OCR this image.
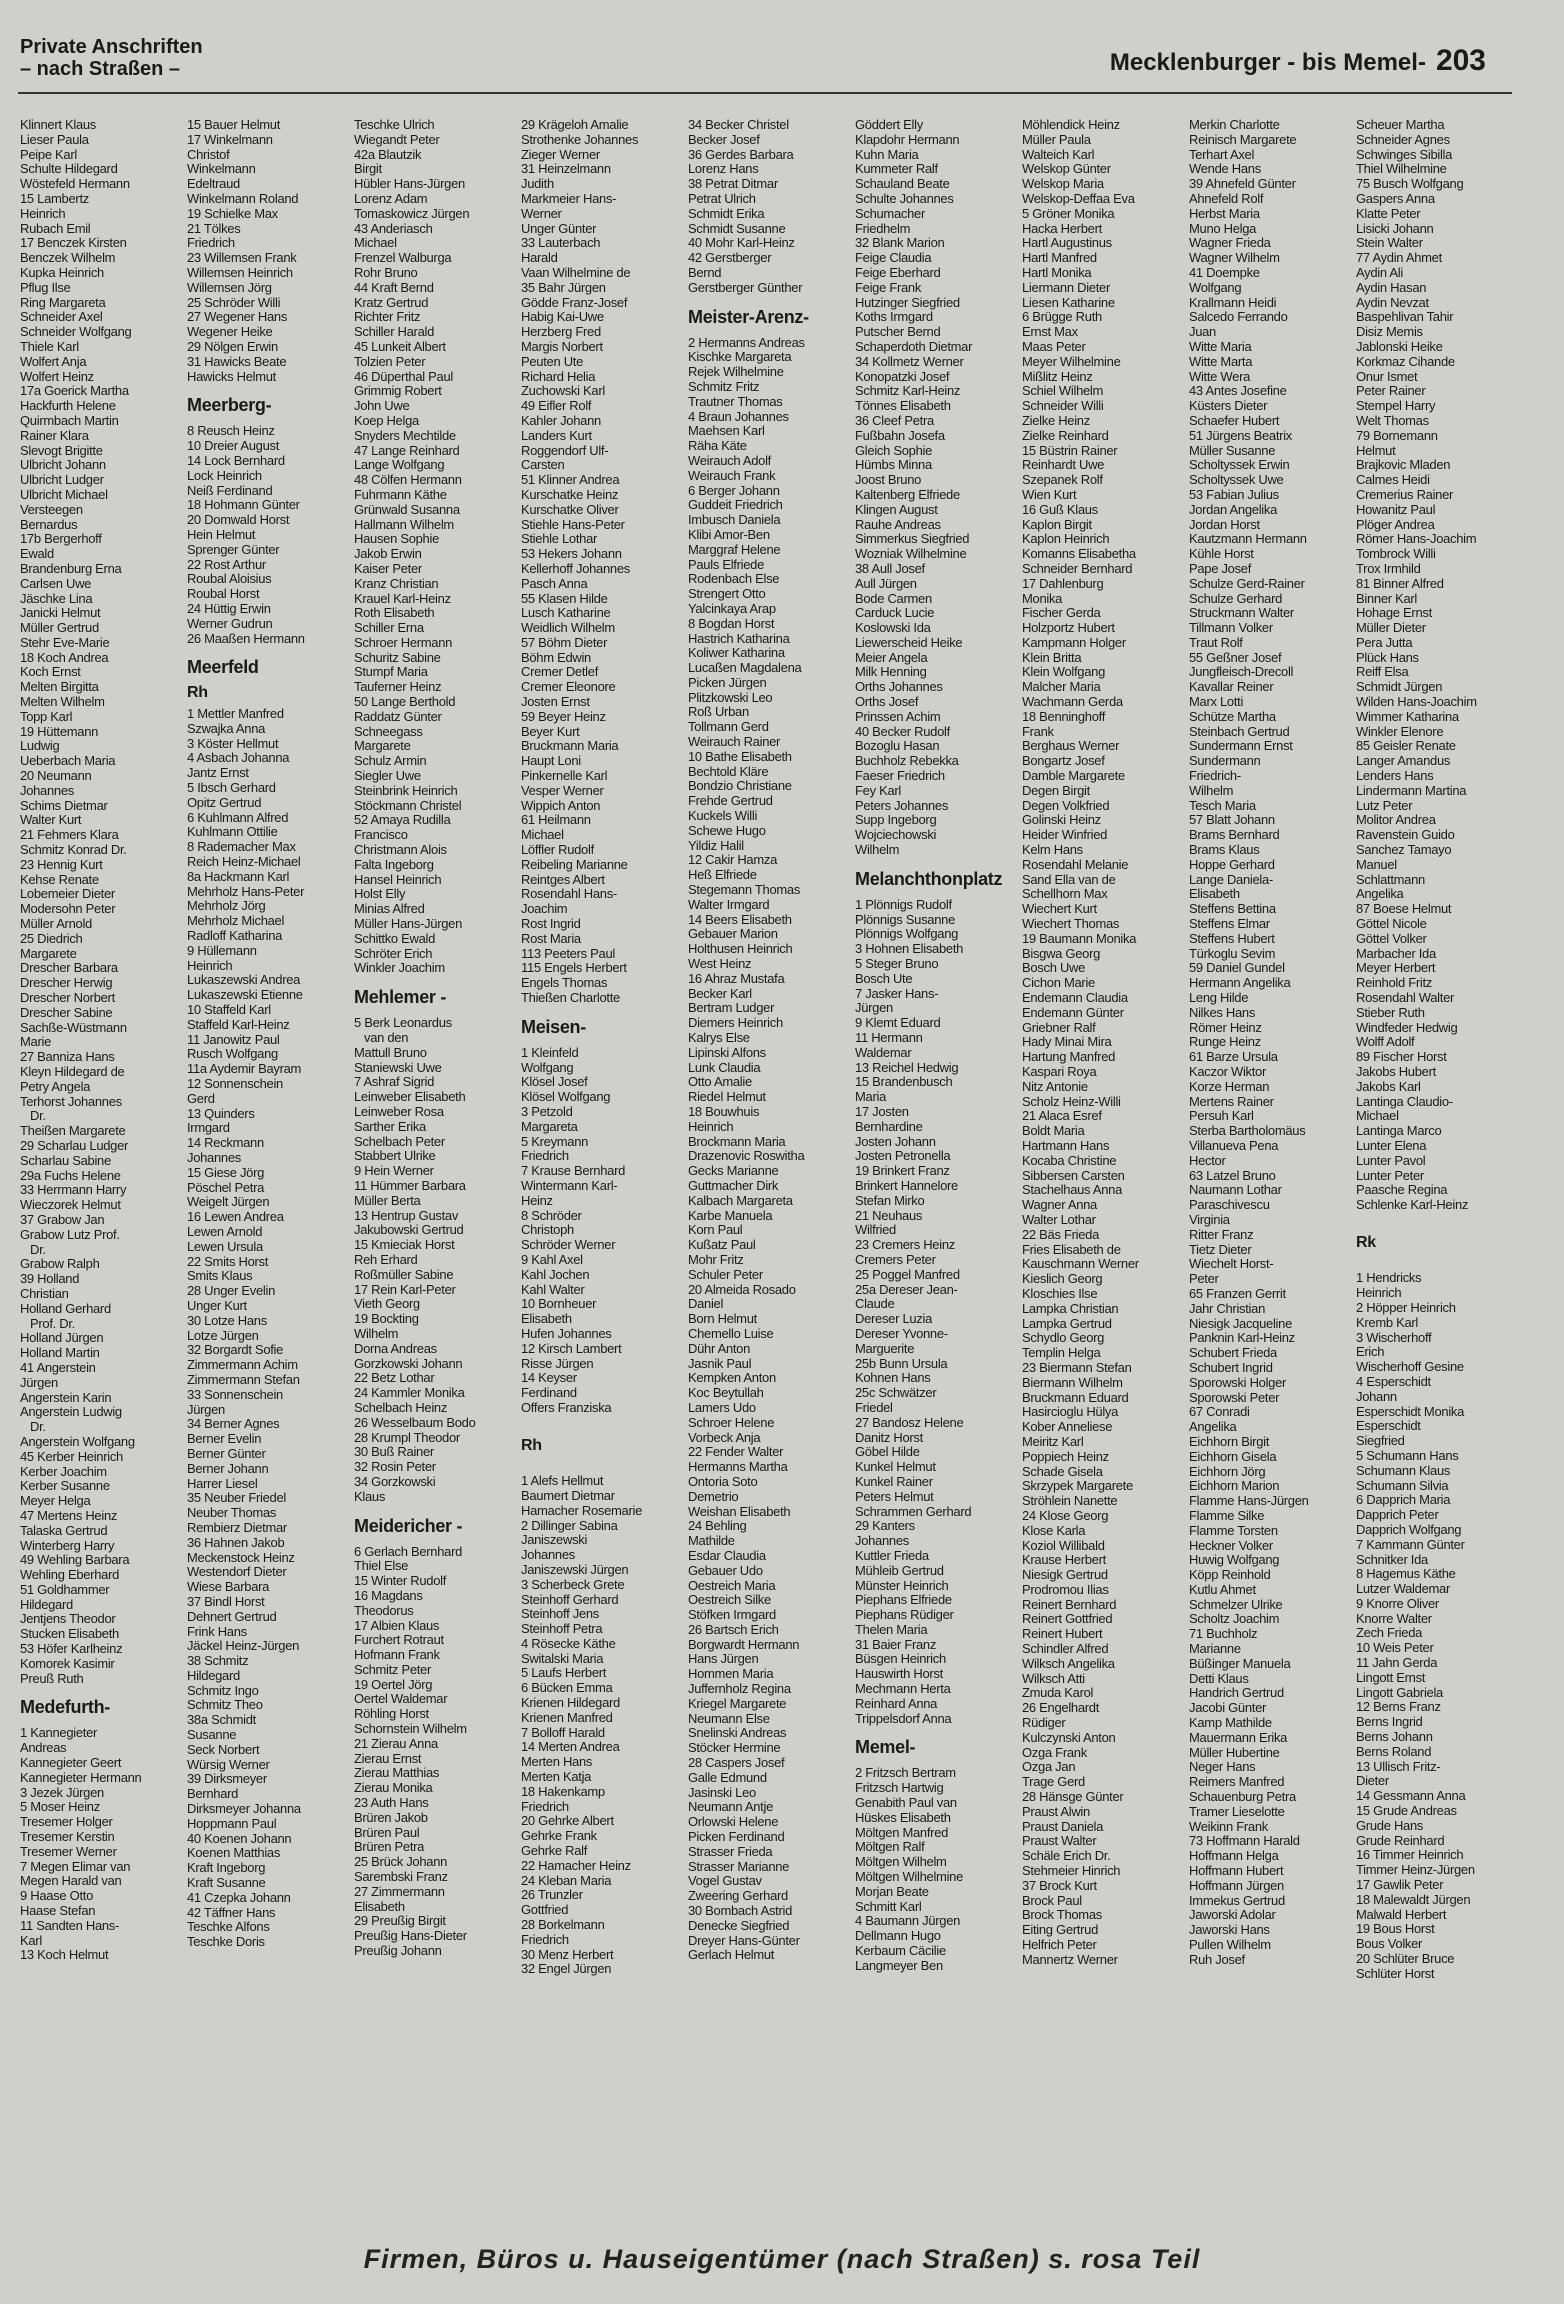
Private Anschriften
– nach Straßen –	Mecklenburger - bis Memel- 203
Klinnert Klaus
Lieser Paula
Peipe Karl
Schulte Hildegard
Wöstefeld Hermann
15 Lambertz
Heinrich
Rubach Emil
17 Benczek Kirsten
Benczek Wilhelm
Kupka Heinrich
Pflug Ilse
Ring Margareta
Schneider Axel
Schneider Wolfgang
Thiele Karl
Wolfert Anja
Wolfert Heinz
17a Goerick Martha
Hackfurth Helene
Quirmbach Martin
Rainer Klara
Slevogt Brigitte
Ulbricht Johann
Ulbricht Ludger
Ulbricht Michael
Versteegen
Bernardus
17b Bergerhoff
Ewald
Brandenburg Erna
Carlsen Uwe
Jäschke Lina
Janicki Helmut
Müller Gertrud
Stehr Eve-Marie
18 Koch Andrea
Koch Ernst
Melten Birgitta
Melten Wilhelm
Topp Karl
19 Hüttemann
Ludwig
Ueberbach Maria
20 Neumann
Johannes
Schims Dietmar
Walter Kurt
21 Fehmers Klara
Schmitz Konrad Dr.
23 Hennig Kurt
Kehse Renate
Lobemeier Dieter
Modersohn Peter
Müller Arnold
25 Diedrich
Margarete
Drescher Barbara
Drescher Herwig
Drescher Norbert
Drescher Sabine
Sachße-Wüstmann
Marie
27 Banniza Hans
Kleyn Hildegard de
Petry Angela
Terhorst Johannes
Dr.
Theißen Margarete
29 Scharlau Ludger
Scharlau Sabine
29a Fuchs Helene
33 Herrmann Harry
Wieczorek Helmut
37 Grabow Jan
Grabow Lutz Prof.
Dr.
Grabow Ralph
39 Holland
Christian
Holland Gerhard
Prof. Dr.
Holland Jürgen
Holland Martin
41 Angerstein
Jürgen
Angerstein Karin
Angerstein Ludwig
Dr.
Angerstein Wolfgang
45 Kerber Heinrich
Kerber Joachim
Kerber Susanne
Meyer Helga
47 Mertens Heinz
Talaska Gertrud
Winterberg Harry
49 Wehling Barbara
Wehling Eberhard
51 Goldhammer
Hildegard
Jentjens Theodor
Stucken Elisabeth
53 Höfer Karlheinz
Komorek Kasimir
Preuß Ruth
Medefurth-
1 Kannegieter
Andreas
Kannegieter Geert
Kannegieter Hermann
3 Jezek Jürgen
5 Moser Heinz
Tresemer Holger
Tresemer Kerstin
Tresemer Werner
7 Megen Elimar van
Megen Harald van
9 Haase Otto
Haase Stefan
11 Sandten Hans-
Karl
13 Koch Helmut
15 Bauer Helmut
17 Winkelmann
Christof
Winkelmann
Edeltraud
Winkelmann Roland
19 Schielke Max
21 Tölkes
Friedrich
23 Willemsen Frank
Willemsen Heinrich
Willemsen Jörg
25 Schröder Willi
27 Wegener Hans
Wegener Heike
29 Nölgen Erwin
31 Hawicks Beate
Hawicks Helmut
Meerberg-
8 Reusch Heinz
10 Dreier August
14 Lock Bernhard
Lock Heinrich
Neiß Ferdinand
18 Hohmann Günter
20 Domwald Horst
Hein Helmut
Sprenger Günter
22 Rost Arthur
Roubal Aloisius
Roubal Horst
24 Hüttig Erwin
Werner Gudrun
26 Maaßen Hermann
Meerfeld
Rh
1 Mettler Manfred
Szwajka Anna
3 Köster Hellmut
4 Asbach Johanna
Jantz Ernst
5 Ibsch Gerhard
Opitz Gertrud
6 Kuhlmann Alfred
Kuhlmann Ottilie
8 Rademacher Max
Reich Heinz-Michael
8a Hackmann Karl
Mehrholz Hans-Peter
Mehrholz Jörg
Mehrholz Michael
Radloff Katharina
9 Hüllemann
Heinrich
Lukaszewski Andrea
Lukaszewski Etienne
10 Staffeld Karl
Staffeld Karl-Heinz
11 Janowitz Paul
Rusch Wolfgang
11a Aydemir Bayram
12 Sonnenschein
Gerd
13 Quinders
Irmgard
14 Reckmann
Johannes
15 Giese Jörg
Pöschel Petra
Weigelt Jürgen
16 Lewen Andrea
Lewen Arnold
Lewen Ursula
22 Smits Horst
Smits Klaus
28 Unger Evelin
Unger Kurt
30 Lotze Hans
Lotze Jürgen
32 Borgardt Sofie
Zimmermann Achim
Zimmermann Stefan
33 Sonnenschein
Jürgen
34 Berner Agnes
Berner Evelin
Berner Günter
Berner Johann
Harrer Liesel
35 Neuber Friedel
Neuber Thomas
Rembierz Dietmar
36 Hahnen Jakob
Meckenstock Heinz
Westendorf Dieter
Wiese Barbara
37 Bindl Horst
Dehnert Gertrud
Frink Hans
Jäckel Heinz-Jürgen
38 Schmitz
Hildegard
Schmitz Ingo
Schmitz Theo
38a Schmidt
Susanne
Seck Norbert
Würsig Werner
39 Dirksmeyer
Bernhard
Dirksmeyer Johanna
Hoppmann Paul
40 Koenen Johann
Koenen Matthias
Kraft Ingeborg
Kraft Susanne
41 Czepka Johann
42 Täffner Hans
Teschke Alfons
Teschke Doris
Teschke Ulrich
Wiegandt Peter
42a Blautzik
Birgit
Hübler Hans-Jürgen
Lorenz Adam
Tomaskowicz Jürgen
43 Anderiasch
Michael
Frenzel Walburga
Rohr Bruno
44 Kraft Bernd
Kratz Gertrud
Richter Fritz
Schiller Harald
45 Lunkeit Albert
Tolzien Peter
46 Düperthal Paul
Grimmig Robert
John Uwe
Koep Helga
Snyders Mechtilde
47 Lange Reinhard
Lange Wolfgang
48 Cölfen Hermann
Fuhrmann Käthe
Grünwald Susanna
Hallmann Wilhelm
Hausen Sophie
Jakob Erwin
Kaiser Peter
Kranz Christian
Krauel Karl-Heinz
Roth Elisabeth
Schiller Erna
Schroer Hermann
Schuritz Sabine
Stumpf Maria
Tauferner Heinz
50 Lange Berthold
Raddatz Günter
Schneegass
Margarete
Schulz Armin
Siegler Uwe
Steinbrink Heinrich
Stöckmann Christel
52 Amaya Rudilla
Francisco
Christmann Alois
Falta Ingeborg
Hansel Heinrich
Holst Elly
Minias Alfred
Müller Hans-Jürgen
Schittko Ewald
Schröter Erich
Winkler Joachim
Mehlemer -
5 Berk Leonardus
van den
Mattull Bruno
Staniewski Uwe
7 Ashraf Sigrid
Leinweber Elisabeth
Leinweber Rosa
Sarther Erika
Schelbach Peter
Stabbert Ulrike
9 Hein Werner
11 Hümmer Barbara
Müller Berta
13 Hentrup Gustav
Jakubowski Gertrud
15 Kmieciak Horst
Reh Erhard
Roßmüller Sabine
17 Rein Karl-Peter
Vieth Georg
19 Bockting
Wilhelm
Dorna Andreas
Gorzkowski Johann
22 Betz Lothar
24 Kammler Monika
Schelbach Heinz
26 Wesselbaum Bodo
28 Krumpl Theodor
30 Buß Rainer
32 Rosin Peter
34 Gorzkowski
Klaus
Meidericher -
6 Gerlach Bernhard
Thiel Else
15 Winter Rudolf
16 Magdans
Theodorus
17 Albien Klaus
Furchert Rotraut
Hofmann Frank
Schmitz Peter
19 Oertel Jörg
Oertel Waldemar
Röhling Horst
Schornstein Wilhelm
21 Zierau Anna
Zierau Ernst
Zierau Matthias
Zierau Monika
23 Auth Hans
Brüren Jakob
Brüren Paul
Brüren Petra
25 Brück Johann
Sarembski Franz
27 Zimmermann
Elisabeth
29 Preußig Birgit
Preußig Hans-Dieter
Preußig Johann
29 Krägeloh Amalie
Strothenke Johannes
Zieger Werner
31 Heinzelmann
Judith
Markmeier Hans-
Werner
Unger Günter
33 Lauterbach
Harald
Vaan Wilhelmine de
35 Bahr Jürgen
Gödde Franz-Josef
Habig Kai-Uwe
Herzberg Fred
Margis Norbert
Peuten Ute
Richard Helia
Zuchowski Karl
49 Eifler Rolf
Kahler Johann
Landers Kurt
Roggendorf Ulf-
Carsten
51 Klinner Andrea
Kurschatke Heinz
Kurschatke Oliver
Stiehle Hans-Peter
Stiehle Lothar
53 Hekers Johann
Kellerhoff Johannes
Pasch Anna
55 Klasen Hilde
Lusch Katharine
Weidlich Wilhelm
57 Böhm Dieter
Böhm Edwin
Cremer Detlef
Cremer Eleonore
Josten Ernst
59 Beyer Heinz
Beyer Kurt
Bruckmann Maria
Haupt Loni
Pinkernelle Karl
Vesper Werner
Wippich Anton
61 Heilmann
Michael
Löffler Rudolf
Reibeling Marianne
Reintges Albert
Rosendahl Hans-
Joachim
Rost Ingrid
Rost Maria
113 Peeters Paul
115 Engels Herbert
Engels Thomas
Thießen Charlotte
Meisen-
1 Kleinfeld
Wolfgang
Klösel Josef
Klösel Wolfgang
3 Petzold
Margareta
5 Kreymann
Friedrich
7 Krause Bernhard
Wintermann Karl-
Heinz
8 Schröder
Christoph
Schröder Werner
9 Kahl Axel
Kahl Jochen
Kahl Walter
10 Bornheuer
Elisabeth
Hufen Johannes
12 Kirsch Lambert
Risse Jürgen
14 Keyser
Ferdinand
Offers Franziska
Rh
1 Alefs Hellmut
Baumert Dietmar
Hamacher Rosemarie
2 Dillinger Sabina
Janiszewski
Johannes
Janiszewski Jürgen
3 Scherbeck Grete
Steinhoff Gerhard
Steinhoff Jens
Steinhoff Petra
4 Rösecke Käthe
Switalski Maria
5 Laufs Herbert
6 Bücken Emma
Krienen Hildegard
Krienen Manfred
7 Bolloff Harald
14 Merten Andrea
Merten Hans
Merten Katja
18 Hakenkamp
Friedrich
20 Gehrke Albert
Gehrke Frank
Gehrke Ralf
22 Hamacher Heinz
24 Kleban Maria
26 Trunzler
Gottfried
28 Borkelmann
Friedrich
30 Menz Herbert
32 Engel Jürgen
34 Becker Christel
Becker Josef
36 Gerdes Barbara
Lorenz Hans
38 Petrat Ditmar
Petrat Ulrich
Schmidt Erika
Schmidt Susanne
40 Mohr Karl-Heinz
42 Gerstberger
Bernd
Gerstberger Günther
Meister-Arenz-
2 Hermanns Andreas
Kischke Margareta
Rejek Wilhelmine
Schmitz Fritz
Trautner Thomas
4 Braun Johannes
Maehsen Karl
Räha Käte
Weirauch Adolf
Weirauch Frank
6 Berger Johann
Guddeit Friedrich
Imbusch Daniela
Klibi Amor-Ben
Marggraf Helene
Pauls Elfriede
Rodenbach Else
Strengert Otto
Yalcinkaya Arap
8 Bogdan Horst
Hastrich Katharina
Koliwer Katharina
Lucaßen Magdalena
Picken Jürgen
Plitzkowski Leo
Roß Urban
Tollmann Gerd
Weirauch Rainer
10 Bathe Elisabeth
Bechtold Kläre
Bondzio Christiane
Frehde Gertrud
Kuckels Willi
Schewe Hugo
Yildiz Halil
12 Cakir Hamza
Heß Elfriede
Stegemann Thomas
Walter Irmgard
14 Beers Elisabeth
Gebauer Marion
Holthusen Heinrich
West Heinz
16 Ahraz Mustafa
Becker Karl
Bertram Ludger
Diemers Heinrich
Kalrys Else
Lipinski Alfons
Lunk Claudia
Otto Amalie
Riedel Helmut
18 Bouwhuis
Heinrich
Brockmann Maria
Drazenovic Roswitha
Gecks Marianne
Guttmacher Dirk
Kalbach Margareta
Karbe Manuela
Korn Paul
Kußatz Paul
Mohr Fritz
Schuler Peter
20 Almeida Rosado
Daniel
Born Helmut
Chemello Luise
Dühr Anton
Jasnik Paul
Kempken Anton
Koc Beytullah
Lamers Udo
Schroer Helene
Vorbeck Anja
22 Fender Walter
Hermanns Martha
Ontoria Soto
Demetrio
Weishan Elisabeth
24 Behling
Mathilde
Esdar Claudia
Gebauer Udo
Oestreich Maria
Oestreich Silke
Stöfken Irmgard
26 Bartsch Erich
Borgwardt Hermann
Hans Jürgen
Hommen Maria
Juffernholz Regina
Kriegel Margarete
Neumann Else
Snelinski Andreas
Stöcker Hermine
28 Caspers Josef
Galle Edmund
Jasinski Leo
Neumann Antje
Orlowski Helene
Picken Ferdinand
Strasser Frieda
Strasser Marianne
Vogel Gustav
Zweering Gerhard
30 Bombach Astrid
Denecke Siegfried
Dreyer Hans-Günter
Gerlach Helmut
Göddert Elly
Klapdohr Hermann
Kuhn Maria
Kummeter Ralf
Schauland Beate
Schulte Johannes
Schumacher
Friedhelm
32 Blank Marion
Feige Claudia
Feige Eberhard
Feige Frank
Hutzinger Siegfried
Koths Irmgard
Putscher Bernd
Schaperdoth Dietmar
34 Kollmetz Werner
Konopatzki Josef
Schmitz Karl-Heinz
Tönnes Elisabeth
36 Cleef Petra
Fußbahn Josefa
Gleich Sophie
Hümbs Minna
Joost Bruno
Kaltenberg Elfriede
Klingen August
Rauhe Andreas
Simmerkus Siegfried
Wozniak Wilhelmine
38 Aull Josef
Aull Jürgen
Bode Carmen
Carduck Lucie
Koslowski Ida
Liewerscheid Heike
Meier Angela
Milk Henning
Orths Johannes
Orths Josef
Prinssen Achim
40 Becker Rudolf
Bozoglu Hasan
Buchholz Rebekka
Faeser Friedrich
Fey Karl
Peters Johannes
Supp Ingeborg
Wojciechowski
Wilhelm
Melanchthonplatz
1 Plönnigs Rudolf
Plönnigs Susanne
Plönnigs Wolfgang
3 Hohnen Elisabeth
5 Steger Bruno
Bosch Ute
7 Jasker Hans-
Jürgen
9 Klemt Eduard
11 Hermann
Waldemar
13 Reichel Hedwig
15 Brandenbusch
Maria
17 Josten
Bernhardine
Josten Johann
Josten Petronella
19 Brinkert Franz
Brinkert Hannelore
Stefan Mirko
21 Neuhaus
Wilfried
23 Cremers Heinz
Cremers Peter
25 Poggel Manfred
25a Dereser Jean-
Claude
Dereser Luzia
Dereser Yvonne-
Marguerite
25b Bunn Ursula
Kohnen Hans
25c Schwätzer
Friedel
27 Bandosz Helene
Danitz Horst
Göbel Hilde
Kunkel Helmut
Kunkel Rainer
Peters Helmut
Schrammen Gerhard
29 Kanters
Johannes
Kuttler Frieda
Mühleib Gertrud
Münster Heinrich
Piephans Elfriede
Piephans Rüdiger
Thelen Maria
31 Baier Franz
Büsgen Heinrich
Hauswirth Horst
Mechmann Herta
Reinhard Anna
Trippelsdorf Anna
Memel-
2 Fritzsch Bertram
Fritzsch Hartwig
Genabith Paul van
Hüskes Elisabeth
Möltgen Manfred
Möltgen Ralf
Möltgen Wilhelm
Möltgen Wilhelmine
Morjan Beate
Schmitt Karl
4 Baumann Jürgen
Dellmann Hugo
Kerbaum Cäcilie
Langmeyer Ben
Möhlendick Heinz
Müller Paula
Walteich Karl
Welskop Günter
Welskop Maria
Welskop-Deffaa Eva
5 Gröner Monika
Hacka Herbert
Hartl Augustinus
Hartl Manfred
Hartl Monika
Liermann Dieter
Liesen Katharine
6 Brügge Ruth
Ernst Max
Maas Peter
Meyer Wilhelmine
Mißlitz Heinz
Schiel Wilhelm
Schneider Willi
Zielke Heinz
Zielke Reinhard
15 Büstrin Rainer
Reinhardt Uwe
Szepanek Rolf
Wien Kurt
16 Guß Klaus
Kaplon Birgit
Kaplon Heinrich
Komanns Elisabetha
Schneider Bernhard
17 Dahlenburg
Monika
Fischer Gerda
Holzportz Hubert
Kampmann Holger
Klein Britta
Klein Wolfgang
Malcher Maria
Wachmann Gerda
18 Benninghoff
Frank
Berghaus Werner
Bongartz Josef
Damble Margarete
Degen Birgit
Degen Volkfried
Golinski Heinz
Heider Winfried
Kelm Hans
Rosendahl Melanie
Sand Ella van de
Schellhorn Max
Wiechert Kurt
Wiechert Thomas
19 Baumann Monika
Bisgwa Georg
Bosch Uwe
Cichon Marie
Endemann Claudia
Endemann Günter
Griebner Ralf
Hady Minai Mira
Hartung Manfred
Kaspari Roya
Nitz Antonie
Scholz Heinz-Willi
21 Alaca Esref
Boldt Maria
Hartmann Hans
Kocaba Christine
Sibbersen Carsten
Stachelhaus Anna
Wagner Anna
Walter Lothar
22 Bäs Frieda
Fries Elisabeth de
Kauschmann Werner
Kieslich Georg
Kloschies Ilse
Lampka Christian
Lampka Gertrud
Schydlo Georg
Templin Helga
23 Biermann Stefan
Biermann Wilhelm
Bruckmann Eduard
Hasircioglu Hülya
Kober Anneliese
Meiritz Karl
Poppiech Heinz
Schade Gisela
Skrzypek Margarete
Ströhlein Nanette
24 Klose Georg
Klose Karla
Koziol Willibald
Krause Herbert
Niesigk Gertrud
Prodromou Ilias
Reinert Bernhard
Reinert Gottfried
Reinert Hubert
Schindler Alfred
Wilksch Angelika
Wilksch Atti
Zmuda Karol
26 Engelhardt
Rüdiger
Kulczynski Anton
Ozga Frank
Ozga Jan
Trage Gerd
28 Hänsge Günter
Praust Alwin
Praust Daniela
Praust Walter
Schäle Erich Dr.
Stehmeier Hinrich
37 Brock Kurt
Brock Paul
Brock Thomas
Eiting Gertrud
Helfrich Peter
Mannertz Werner
Merkin Charlotte
Reinisch Margarete
Terhart Axel
Wende Hans
39 Ahnefeld Günter
Ahnefeld Rolf
Herbst Maria
Muno Helga
Wagner Frieda
Wagner Wilhelm
41 Doempke
Wolfgang
Krallmann Heidi
Salcedo Ferrando
Juan
Witte Maria
Witte Marta
Witte Wera
43 Antes Josefine
Küsters Dieter
Schaefer Hubert
51 Jürgens Beatrix
Müller Susanne
Scholtyssek Erwin
Scholtyssek Uwe
53 Fabian Julius
Jordan Angelika
Jordan Horst
Kautzmann Hermann
Kühle Horst
Pape Josef
Schulze Gerd-Rainer
Schulze Gerhard
Struckmann Walter
Tillmann Volker
Traut Rolf
55 Geßner Josef
Jungfleisch-Drecoll
Kavallar Reiner
Marx Lotti
Schütze Martha
Steinbach Gertrud
Sundermann Ernst
Sundermann
Friedrich-
Wilhelm
Tesch Maria
57 Blatt Johann
Brams Bernhard
Brams Klaus
Hoppe Gerhard
Lange Daniela-
Elisabeth
Steffens Bettina
Steffens Elmar
Steffens Hubert
Türkoglu Sevim
59 Daniel Gundel
Hermann Angelika
Leng Hilde
Nilkes Hans
Römer Heinz
Runge Heinz
61 Barze Ursula
Kaczor Wiktor
Korze Herman
Mertens Rainer
Persuh Karl
Sterba Bartholomäus
Villanueva Pena
Hector
63 Latzel Bruno
Naumann Lothar
Paraschivescu
Virginia
Ritter Franz
Tietz Dieter
Wiechelt Horst-
Peter
65 Franzen Gerrit
Jahr Christian
Niesigk Jacqueline
Panknin Karl-Heinz
Schubert Frieda
Schubert Ingrid
Sporowski Holger
Sporowski Peter
67 Conradi
Angelika
Eichhorn Birgit
Eichhorn Gisela
Eichhorn Jörg
Eichhorn Marion
Flamme Hans-Jürgen
Flamme Silke
Flamme Torsten
Heckner Volker
Huwig Wolfgang
Köpp Reinhold
Kutlu Ahmet
Schmelzer Ulrike
Scholtz Joachim
71 Buchholz
Marianne
Büßinger Manuela
Detti Klaus
Handrich Gertrud
Jacobi Günter
Kamp Mathilde
Mauermann Erika
Müller Hubertine
Neger Hans
Reimers Manfred
Schauenburg Petra
Tramer Lieselotte
Weikinn Frank
73 Hoffmann Harald
Hoffmann Helga
Hoffmann Hubert
Hoffmann Jürgen
Immekus Gertrud
Jaworski Adolar
Jaworski Hans
Pullen Wilhelm
Ruh Josef
Scheuer Martha
Schneider Agnes
Schwinges Sibilla
Thiel Wilhelmine
75 Busch Wolfgang
Gaspers Anna
Klatte Peter
Lisicki Johann
Stein Walter
77 Aydin Ahmet
Aydin Ali
Aydin Hasan
Aydin Nevzat
Baspehlivan Tahir
Disiz Memis
Jablonski Heike
Korkmaz Cihande
Onur Ismet
Peter Rainer
Stempel Harry
Welt Thomas
79 Bornemann
Helmut
Brajkovic Mladen
Calmes Heidi
Cremerius Rainer
Howanitz Paul
Plöger Andrea
Römer Hans-Joachim
Tombrock Willi
Trox Irmhild
81 Binner Alfred
Binner Karl
Hohage Ernst
Müller Dieter
Pera Jutta
Plück Hans
Reiff Elsa
Schmidt Jürgen
Wilden Hans-Joachim
Wimmer Katharina
Winkler Elenore
85 Geisler Renate
Langer Amandus
Lenders Hans
Lindermann Martina
Lutz Peter
Molitor Andrea
Ravenstein Guido
Sanchez Tamayo
Manuel
Schlattmann
Angelika
87 Boese Helmut
Göttel Nicole
Göttel Volker
Marbacher Ida
Meyer Herbert
Reinhold Fritz
Rosendahl Walter
Stieber Ruth
Windfeder Hedwig
Wolff Adolf
89 Fischer Horst
Jakobs Hubert
Jakobs Karl
Lantinga Claudio-
Michael
Lantinga Marco
Lunter Elena
Lunter Pavol
Lunter Peter
Paasche Regina
Schlenke Karl-Heinz
Rk
1 Hendricks
Heinrich
2 Höpper Heinrich
Kremb Karl
3 Wischerhoff
Erich
Wischerhoff Gesine
4 Esperschidt
Johann
Esperschidt Monika
Esperschidt
Siegfried
5 Schumann Hans
Schumann Klaus
Schumann Silvia
6 Dapprich Maria
Dapprich Peter
Dapprich Wolfgang
7 Kammann Günter
Schnitker Ida
8 Hagemus Käthe
Lutzer Waldemar
9 Knorre Oliver
Knorre Walter
Zech Frieda
10 Weis Peter
11 Jahn Gerda
Lingott Ernst
Lingott Gabriela
12 Berns Franz
Berns Ingrid
Berns Johann
Berns Roland
13 Ullisch Fritz-
Dieter
14 Gessmann Anna
15 Grude Andreas
Grude Hans
Grude Reinhard
16 Timmer Heinrich
Timmer Heinz-Jürgen
17 Gawlik Peter
18 Malewaldt Jürgen
Malwald Herbert
19 Bous Horst
Bous Volker
20 Schlüter Bruce
Schlüter Horst
Firmen, Büros u. Hauseigentümer (nach Straßen) s. rosa Teil
